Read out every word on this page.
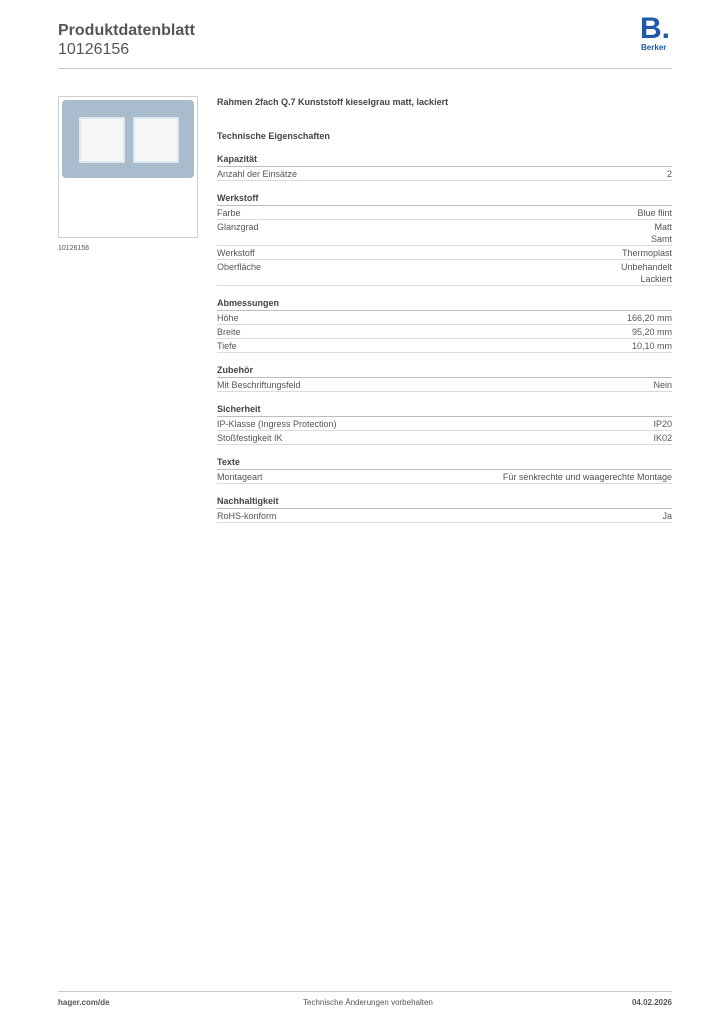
Produktdatenblatt
10126156
B.
Berker
10126156
Rahmen 2fach Q.7 Kunststoff kieselgrau matt, lackiert
Technische Eigenschaften
Kapazität
Anzahl der Einsätze	2
Werkstoff
Farbe	Blue flint
Glanzgrad	Matt
Samt
Werkstoff	Thermoplast
Oberfläche	Unbehandelt
Lackiert
Abmessungen
Höhe	166,20 mm
Breite	95,20 mm
Tiefe	10,10 mm
Zubehör
Mit Beschriftungsfeld	Nein
Sicherheit
IP-Klasse (Ingress Protection)	IP20
Stoßfestigkeit IK	IK02
Texte
Montageart	Für senkrechte und waagerechte Montage
Nachhaltigkeit
RoHS-konform	Ja
hager.com/de	Technische Änderungen vorbehalten	04.02.2026
